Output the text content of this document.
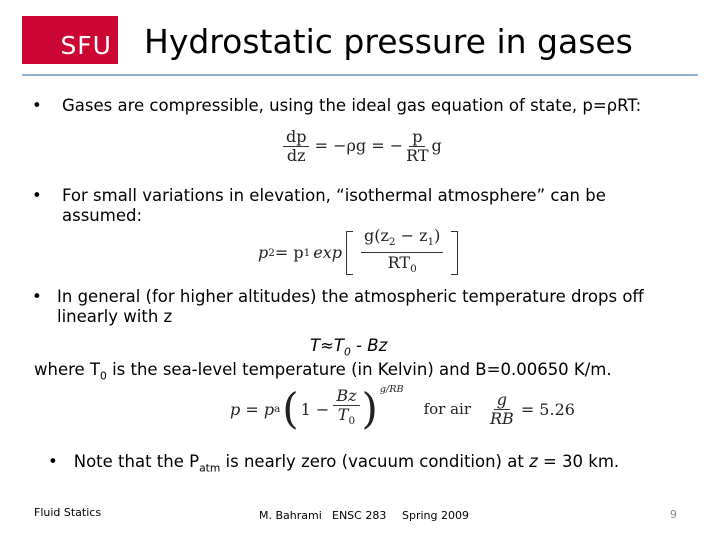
SFU Hydrostatic pressure in gases
•	Gases are compressible, using the ideal gas equation of state, p=ρRT:
$\frac{dp}{dz} = -\rho g$ = − $\frac{p}{RT}$ g
•	For small variations in elevation, “isothermal atmosphere” can be assumed:
p 2 = p 1 $\exp \frac{g(z_2 - z_1)}{RT_0}$
• In general (for higher altitudes) the atmospheric temperature drops off
linearly with z
$T\approx T_0 - Bz$
where $T_0$ is the sea-level temperature (in Kelvin) and B=0.00650 K/m.
p = p a ( $1 - \frac{Bz}{T_0} )^{g/RB}$
for air $\frac{g}{RB} = 5.26$
• Note that the $P_{atm}$ is nearly zero (vacuum condition) at z = 30 km.
Fluid Statics	M. Bahrami ENSC 283 Spring 2009	9
